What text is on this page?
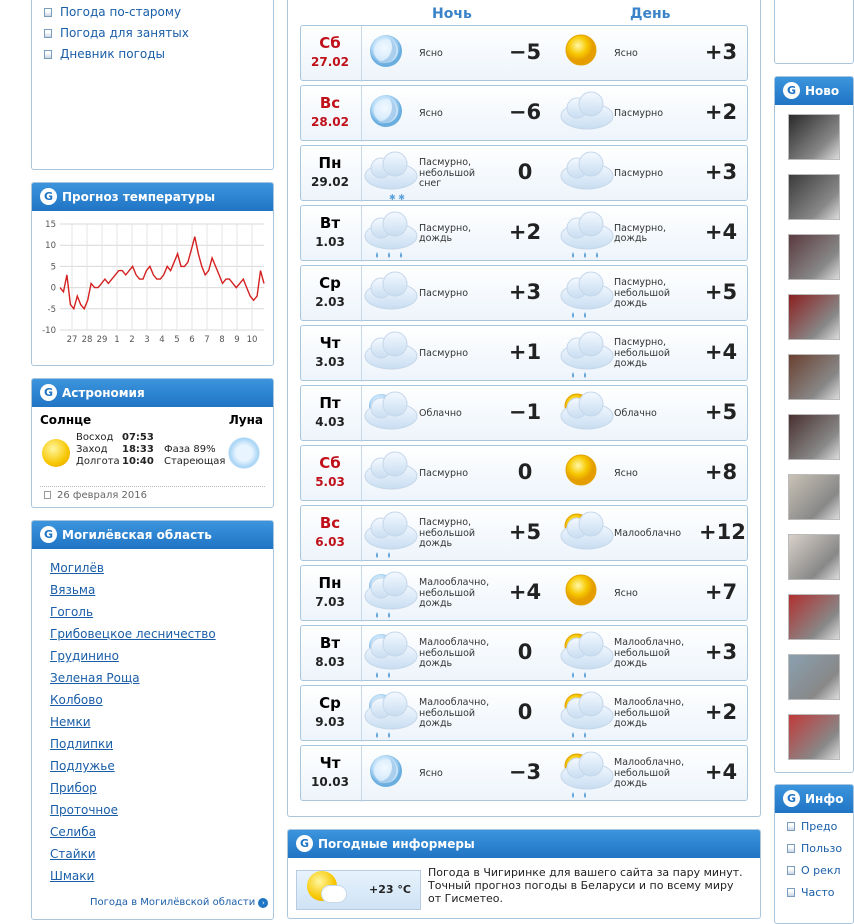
Погода по-старому
Погода для занятых
Дневник погоды
G Прогноз температуры
15
10
5
0
-5
-10
27 28 29 1 2 3 4 5 6 7 8 9 10
G Астрономия
Солнце	Луна
Восход 07:53
Заход 18:33
Долгота 10:40
Фаза 89%
Стареющая
26 февраля 2016
G Могилёвская область
Могилёв
Вязьма
Гоголь
Грибовецкое лесничество
Грудинино
Зеленая Роща
Колбово
Немки
Подлипки
Подлужье
Прибор
Проточное
Селиба
Стайки
Шмаки
Погода в Могилёвской области ›
Ночь	День
Сб
27.02
Ясно	−5	Ясно	+3
Вс
28.02
Ясно	−6	Пасмурно +2
Пн
29.02
✱ ✱
Пасмурно, небольшой снег	0	Пасмурно +3
Вт
1.03
Пасмурно, дождь	+2	Пасмурно, дождь	+4
Ср
2.03
Пасмурно +3	Пасмурно, небольшой дождь	+5
Чт
3.03
Пасмурно +1	Пасмурно, небольшой дождь	+4
Пт
4.03
Облачно −1	Облачно +5
Сб
5.03
Пасмурно	0	Ясно	+8
Вс
6.03
Пасмурно, небольшой дождь	+5	Малооблачно +12
Пн
7.03
Малооблачно, небольшой дождь	+4	Ясно	+7
Вт
8.03
Малооблачно, небольшой дождь	0	Малооблачно, небольшой дождь	+3
Ср
9.03
Малооблачно, небольшой дождь	0	Малооблачно, небольшой дождь	+2
Чт
10.03
Ясно	−3	Малооблачно, небольшой дождь	+4
G Погодные информеры
+23 °C
Погода в Чигиринке для вашего сайта за пару минут. Точный прогноз погоды в Беларуси и по всему миру от Гисметео.
G Ново
G Инфо
Предо
Пользо
О рекл
Часто
